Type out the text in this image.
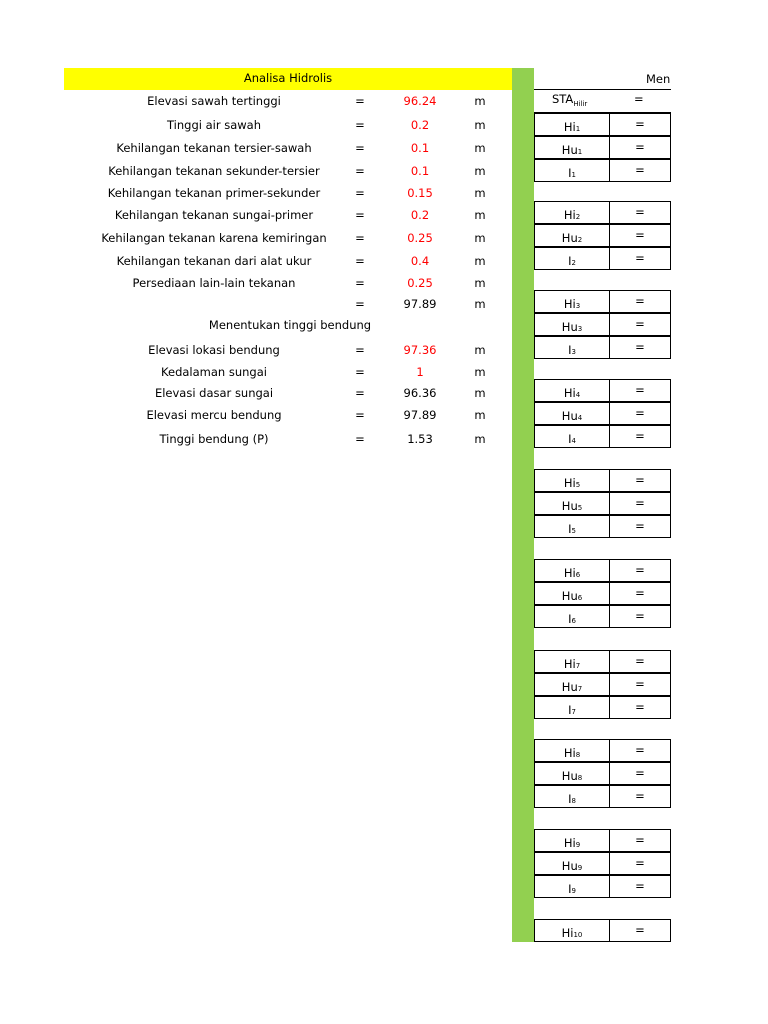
Analisa Hidrolis	Men
Elevasi sawah tertinggi	=	96.24	m
Tinggi air sawah	=	0.2	m
Kehilangan tekanan tersier-sawah	=	0.1	m
Kehilangan tekanan sekunder-tersier	=	0.1	m
Kehilangan tekanan primer-sekunder	=	0.15	m
Kehilangan tekanan sungai-primer	=	0.2	m
Kehilangan tekanan karena kemiringan	=	0.25	m
Kehilangan tekanan dari alat ukur	=	0.4	m
Persediaan lain-lain tekanan	=	0.25	m
=	97.89	m
Menentukan tinggi bendung
Elevasi lokasi bendung	=	97.36	m
Kedalaman sungai	=	1	m
Elevasi dasar sungai	=	96.36	m
Elevasi mercu bendung	=	97.89	m
Tinggi bendung (P)	=	1.53	m
$STA_{Hilir}$	=
$Hi_1$	=
$Hu_1$	=
$I_1$	=
$Hi_2$	=
$Hu_2$	=
$I_2$	=
$Hi_3$	=
$Hu_3$	=
$I_3$	=
$Hi_4$	=
$Hu_4$	=
$I_4$	=
$Hi_5$	=
$Hu_5$	=
$I_5$	=
$Hi_6$	=
$Hu_6$	=
$I_6$	=
$Hi_7$	=
$Hu_7$	=
$I_7$	=
$Hi_8$	=
$Hu_8$	=
$I_8$	=
$Hi_9$	=
$Hu_9$	=
$I_9$	=
$Hi_{10}$	=
